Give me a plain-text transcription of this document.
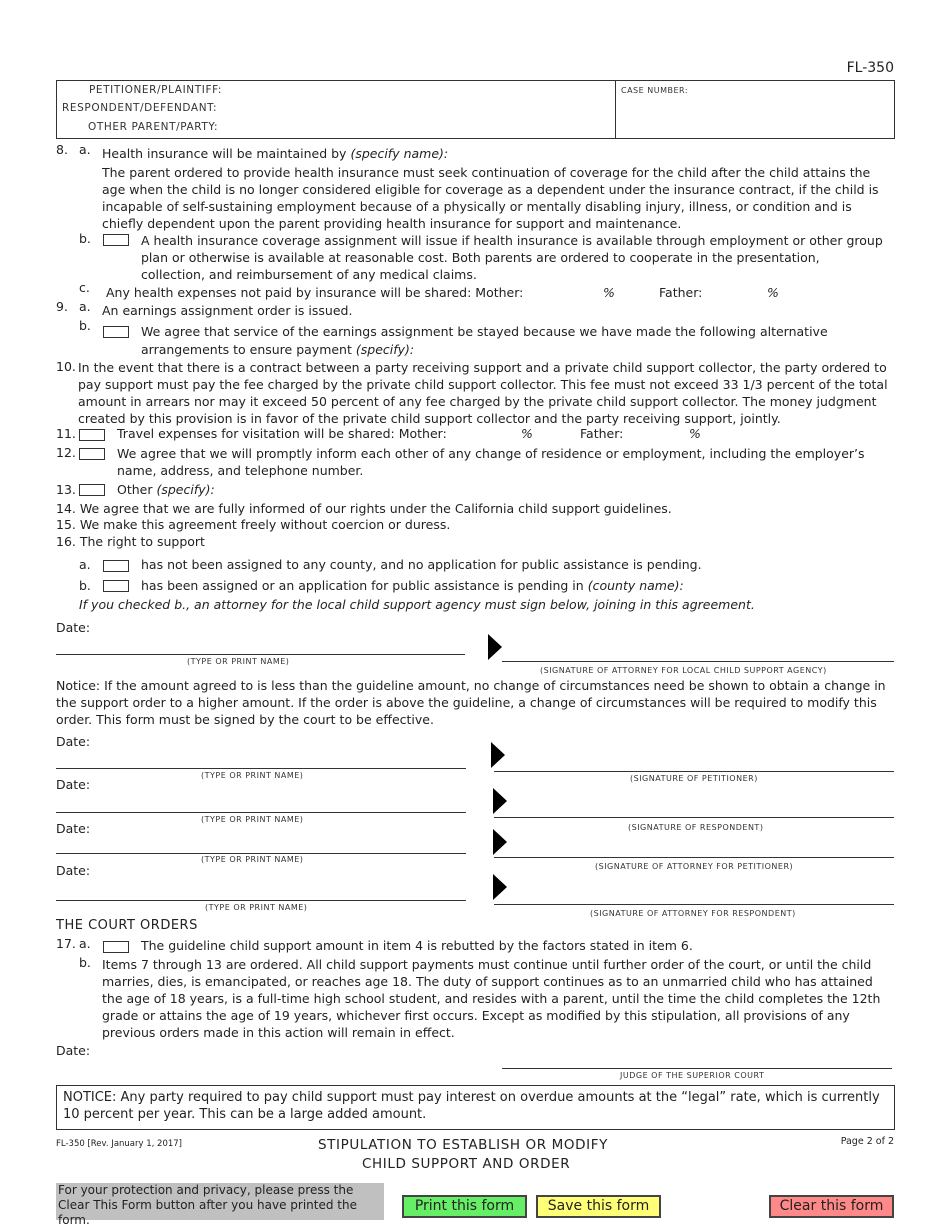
FL-350
PETITIONER/PLAINTIFF:
RESPONDENT/DEFENDANT:
OTHER PARENT/PARTY:
CASE NUMBER:
8. a. Health insurance will be maintained by (specify name):
The parent ordered to provide health insurance must seek continuation of coverage for the child after the child attains the age when the child is no longer considered eligible for coverage as a dependent under the insurance contract, if the child is incapable of self-sustaining employment because of a physically or mentally disabling injury, illness, or condition and is chiefly dependent upon the parent providing health insurance for support and maintenance.
b.	A health insurance coverage assignment will issue if health insurance is available through employment or other group plan or otherwise is available at reasonable cost. Both parents are ordered to cooperate in the presentation, collection, and reimbursement of any medical claims.
c. Any health expenses not paid by insurance will be shared: Mother:	%	Father:	%
9. a. An earnings assignment order is issued.
b.	We agree that service of the earnings assignment be stayed because we have made the following alternative
arrangements to ensure payment (specify):
10. In the event that there is a contract between a party receiving support and a private child support collector, the party ordered to pay support must pay the fee charged by the private child support collector. This fee must not exceed 33 1/3 percent of the total amount in arrears nor may it exceed 50 percent of any fee charged by the private child support collector. The money judgment created by this provision is in favor of the private child support collector and the party receiving support, jointly.
11.	Travel expenses for visitation will be shared: Mother:	%	Father:	%
12.	We agree that we will promptly inform each other of any change of residence or employment, including the employer’s name, address, and telephone number.
13.	Other (specify):
14. We agree that we are fully informed of our rights under the California child support guidelines.
15. We make this agreement freely without coercion or duress.
16. The right to support
a.	has not been assigned to any county, and no application for public assistance is pending.
b.	has been assigned or an application for public assistance is pending in (county name):
If you checked b., an attorney for the local child support agency must sign below, joining in this agreement.
Date:
(TYPE OR PRINT NAME)
(SIGNATURE OF ATTORNEY FOR LOCAL CHILD SUPPORT AGENCY)
Notice: If the amount agreed to is less than the guideline amount, no change of circumstances need be shown to obtain a change in the support order to a higher amount. If the order is above the guideline, a change of circumstances will be required to modify this order. This form must be signed by the court to be effective.
Date:
(TYPE OR PRINT NAME)	(SIGNATURE OF PETITIONER)
Date:
(TYPE OR PRINT NAME)
(SIGNATURE OF RESPONDENT)
Date:
(TYPE OR PRINT NAME)
(SIGNATURE OF ATTORNEY FOR PETITIONER)
Date:
(TYPE OR PRINT NAME)
(SIGNATURE OF ATTORNEY FOR RESPONDENT)
THE COURT ORDERS
17. a.	The guideline child support amount in item 4 is rebutted by the factors stated in item 6.
b. Items 7 through 13 are ordered. All child support payments must continue until further order of the court, or until the child marries, dies, is emancipated, or reaches age 18. The duty of support continues as to an unmarried child who has attained the age of 18 years, is a full-time high school student, and resides with a parent, until the time the child completes the 12th grade or attains the age of 19 years, whichever first occurs. Except as modified by this stipulation, all provisions of any previous orders made in this action will remain in effect.
Date:
JUDGE OF THE SUPERIOR COURT
NOTICE: Any party required to pay child support must pay interest on overdue amounts at the “legal” rate, which is currently 10 percent per year. This can be a large added amount.
FL-350 [Rev. January 1, 2017]	STIPULATION TO ESTABLISH OR MODIFY
CHILD SUPPORT AND ORDER
Page 2 of 2
For your protection and privacy, please press the Clear This Form button after you have printed the form.
Print this form	Save this form	Clear this form
